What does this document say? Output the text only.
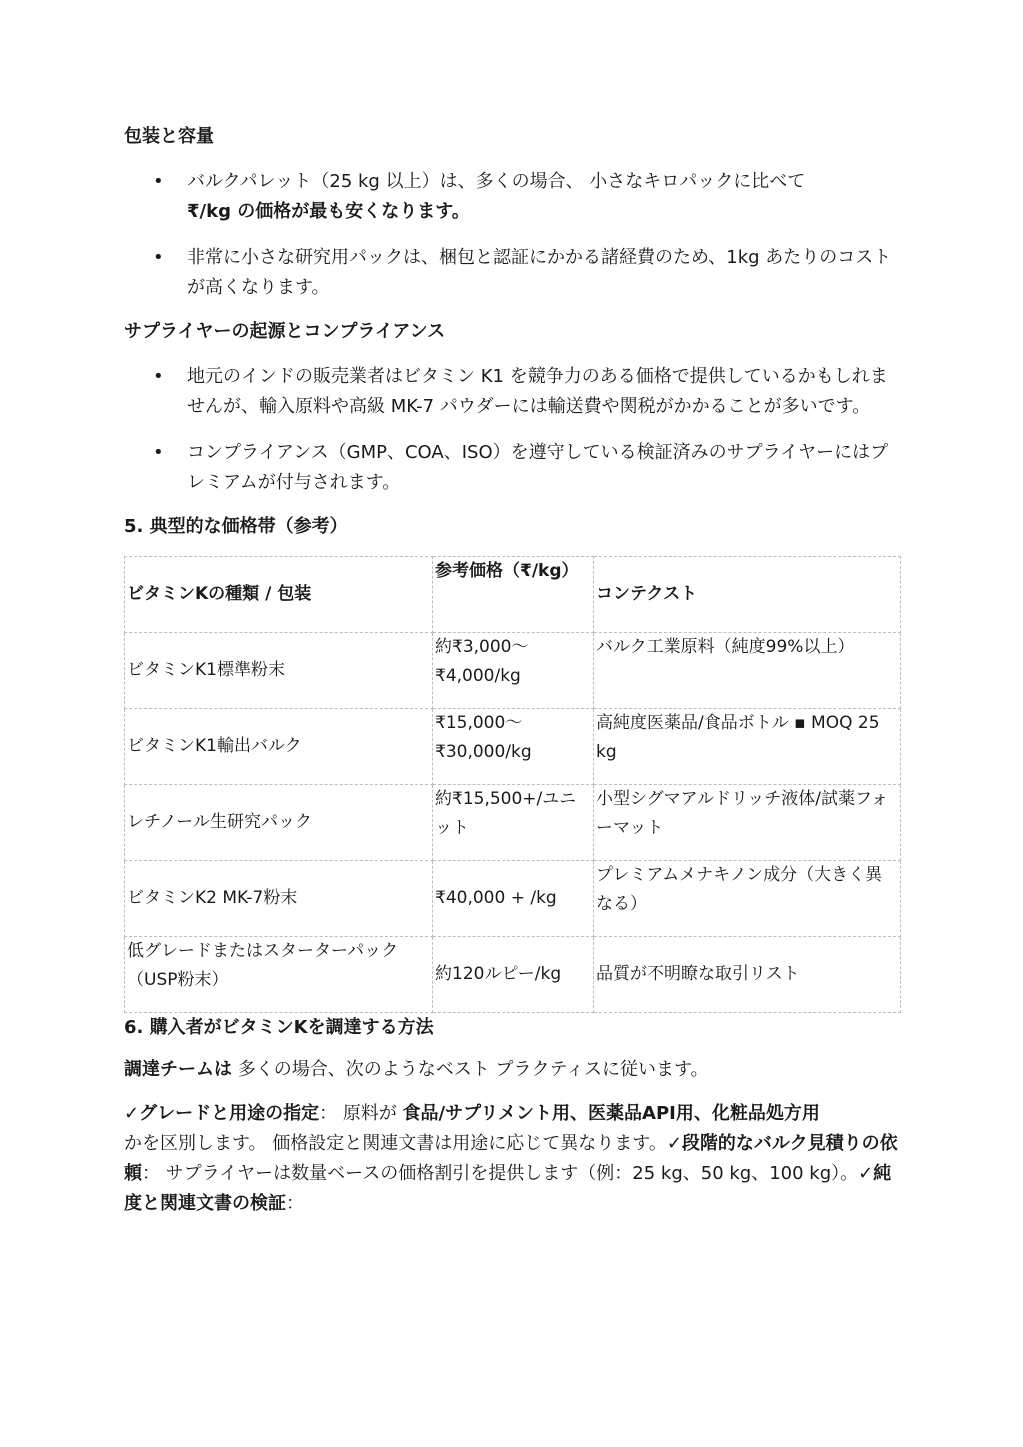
包装と容量
• バルクパレット（25 kg 以上）は、多くの場合、 小さなキロパックに比べて
₹/kg の価格が最も安くなります。
• 非常に小さな研究用パックは、梱包と認証にかかる諸経費のため、1kg あたりのコストが高くなります。
サプライヤーの起源とコンプライアンス
• 地元のインドの販売業者はビタミン K1 を競争力のある価格で提供しているかもしれませんが、輸入原料や高級 MK-7 パウダーには輸送費や関税がかかることが多いです。
• コンプライアンス（GMP、COA、ISO）を遵守している検証済みのサプライヤーにはプレミアムが付与されます。
5. 典型的な価格帯（参考）
ビタミンKの種類 / 包装	参考価格（₹/kg）	コンテクスト
ビタミンK1標準粉末	約₹3,000〜₹4,000/kg	バルク工業原料（純度99%以上）
ビタミンK1輸出バルク	₹15,000〜₹30,000/kg	高純度医薬品/食品ボトル ▪ MOQ 25 kg
レチノール生研究パック	約₹15,500+/ユニット	小型シグマアルドリッチ液体/試薬フォーマット
ビタミンK2 MK-7粉末	₹40,000 + /kg	プレミアムメナキノン成分（大きく異なる）
低グレードまたはスターターパック（USP粉末）	約120ルピー/kg	品質が不明瞭な取引リスト
6. 購入者がビタミンKを調達する方法

調達チームは 多くの場合、次のようなベスト プラクティスに従います。

✓グレードと用途の指定： 原料が 食品/サプリメント用、医薬品API用、化粧品処方用

かを区別します。 価格設定と関連文書は用途に応じて異なります。✓段階的なバルク見積りの依頼： サプライヤーは数量ベースの価格割引を提供します（例：25 kg、50 kg、100 kg）。✓純度と関連文書の検証：
